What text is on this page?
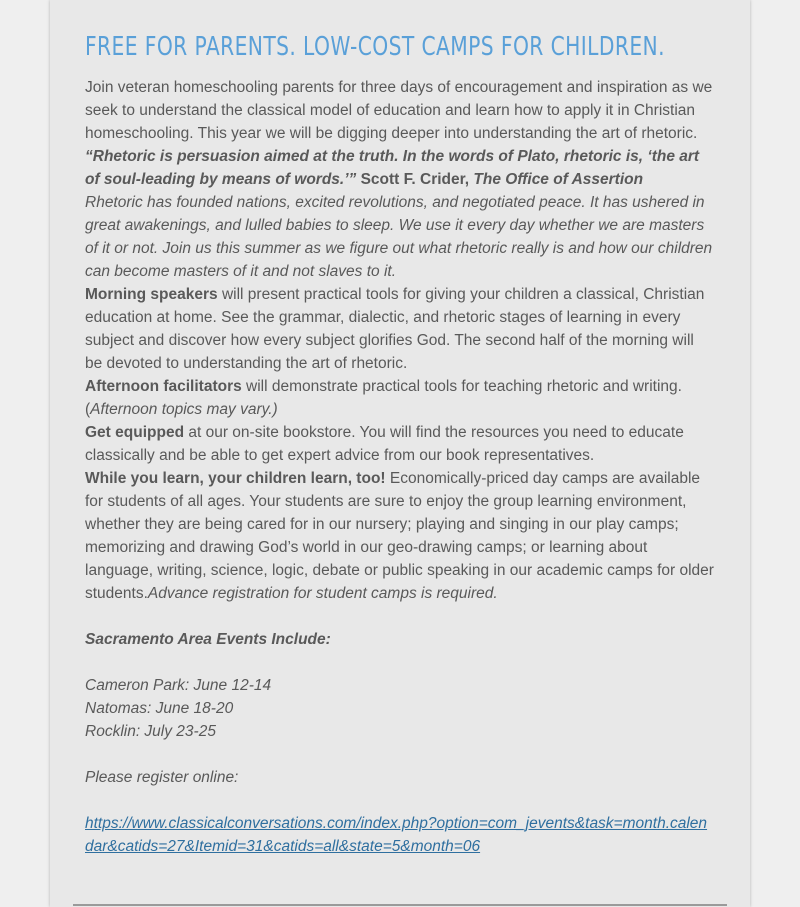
FREE FOR PARENTS. LOW-COST CAMPS FOR CHILDREN.

Join veteran homeschooling parents for three days of encouragement and inspiration as we seek to understand the classical model of education and learn how to apply it in Christian homeschooling. This year we will be digging deeper into understanding the art of rhetoric.

“Rhetoric is persuasion aimed at the truth. In the words of Plato, rhetoric is, ‘the art of soul-leading by means of words.’” Scott F. Crider, The Office of Assertion

Rhetoric has founded nations, excited revolutions, and negotiated peace. It has ushered in great awakenings, and lulled babies to sleep. We use it every day whether we are masters of it or not. Join us this summer as we figure out what rhetoric really is and how our children can become masters of it and not slaves to it.

Morning speakers will present practical tools for giving your children a classical, Christian education at home. See the grammar, dialectic, and rhetoric stages of learning in every subject and discover how every subject glorifies God. The second half of the morning will be devoted to understanding the art of rhetoric.

Afternoon facilitators will demonstrate practical tools for teaching rhetoric and writing. (Afternoon topics may vary.)

Get equipped at our on-site bookstore. You will find the resources you need to educate classically and be able to get expert advice from our book representatives.

While you learn, your children learn, too! Economically-priced day camps are available for students of all ages. Your students are sure to enjoy the group learning environment, whether they are being cared for in our nursery; playing and singing in our play camps; memorizing and drawing God’s world in our geo-drawing camps; or learning about language, writing, science, logic, debate or public speaking in our academic camps for older students.Advance registration for student camps is required.

Sacramento Area Events Include:

Cameron Park: June 12-14

Natomas: June 18-20

Rocklin: July 23-25

Please register online:

https://www.classicalconversations.com/index.php?option=com_jevents&task=month.calendar&catids=27&Itemid=31&catids=all&state=5&month=06
